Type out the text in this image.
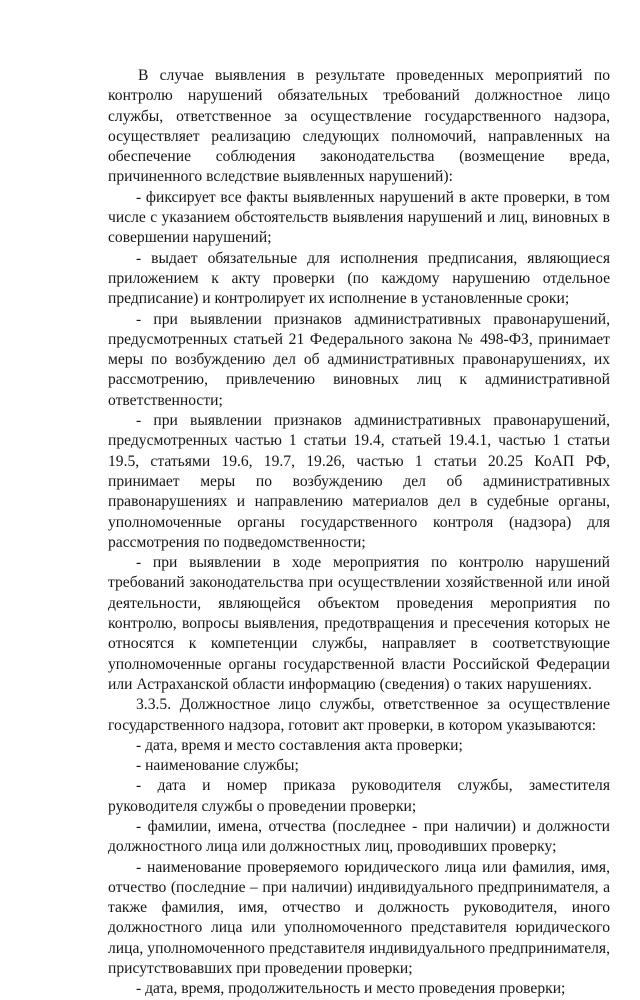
В случае выявления в результате проведенных мероприятий по контролю нарушений обязательных требований должностное лицо службы, ответственное за осуществление государственного надзора, осуществляет реализацию следующих полномочий, направленных на обеспечение соблюдения законодательства (возмещение вреда, причиненного вследствие выявленных нарушений):

- фиксирует все факты выявленных нарушений в акте проверки, в том числе с указанием обстоятельств выявления нарушений и лиц, виновных в совершении нарушений;

- выдает обязательные для исполнения предписания, являющиеся приложением к акту проверки (по каждому нарушению отдельное предписание) и контролирует их исполнение в установленные сроки;

- при выявлении признаков административных правонарушений, предусмотренных статьей 21 Федерального закона № 498-ФЗ, принимает меры по возбуждению дел об административных правонарушениях, их рассмотрению, привлечению виновных лиц к административной ответственности;

- при выявлении признаков административных правонарушений, предусмотренных частью 1 статьи 19.4, статьей 19.4.1, частью 1 статьи 19.5, статьями 19.6, 19.7, 19.26, частью 1 статьи 20.25 КоАП РФ, принимает меры по возбуждению дел об административных правонарушениях и направлению материалов дел в судебные органы, уполномоченные органы государственного контроля (надзора) для рассмотрения по подведомственности;

- при выявлении в ходе мероприятия по контролю нарушений требований законодательства при осуществлении хозяйственной или иной деятельности, являющейся объектом проведения мероприятия по контролю, вопросы выявления, предотвращения и пресечения которых не относятся к компетенции службы, направляет в соответствующие уполномоченные органы государственной власти Российской Федерации или Астраханской области информацию (сведения) о таких нарушениях.

3.3.5. Должностное лицо службы, ответственное за осуществление государственного надзора, готовит акт проверки, в котором указываются:

- дата, время и место составления акта проверки;

- наименование службы;

- дата и номер приказа руководителя службы, заместителя руководителя службы о проведении проверки;

- фамилии, имена, отчества (последнее - при наличии) и должности должностного лица или должностных лиц, проводивших проверку;

- наименование проверяемого юридического лица или фамилия, имя, отчество (последние – при наличии) индивидуального предпринимателя, а также фамилия, имя, отчество и должность руководителя, иного должностного лица или уполномоченного представителя юридического лица, уполномоченного представителя индивидуального предпринимателя, присутствовавших при проведении проверки;

- дата, время, продолжительность и место проведения проверки;
